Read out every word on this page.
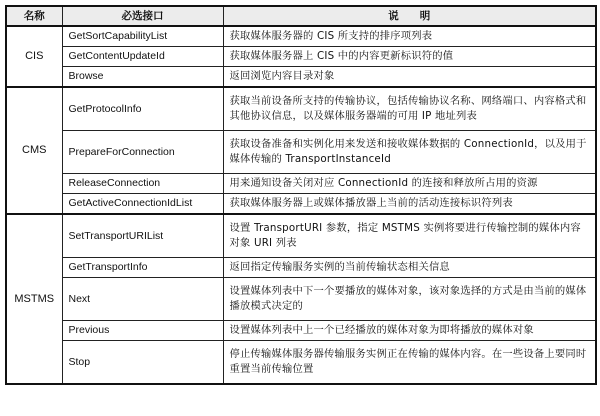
名称	必选接口	说　　明
CIS	GetSortCapabilityList	获取媒体服务器的 CIS 所支持的排序项列表
	GetContentUpdateId	获取媒体服务器上 CIS 中的内容更新标识符的值
	Browse	返回浏览内容目录对象
CMS	GetProtocolInfo	获取当前设备所支持的传输协议，包括传输协议名称、网络端口、内容格式和其他协议信息，以及媒体服务器端的可用 IP 地址列表
	PrepareForConnection	获取设备准备和实例化用来发送和接收媒体数据的 ConnectionId，以及用于媒体传输的 TransportInstanceId
	ReleaseConnection	用来通知设备关闭对应 ConnectionId 的连接和释放所占用的资源
	GetActiveConnectionIdList	获取媒体服务器上或媒体播放器上当前的活动连接标识符列表
MSTMS	SetTransportURIList	设置 TransportURI 参数，指定 MSTMS 实例将要进行传输控制的媒体内容对象 URI 列表
	GetTransportInfo	返回指定传输服务实例的当前传输状态相关信息
	Next	设置媒体列表中下一个要播放的媒体对象，该对象选择的方式是由当前的媒体播放模式决定的
	Previous	设置媒体列表中上一个已经播放的媒体对象为即将播放的媒体对象
	Stop	停止传输媒体服务器传输服务实例正在传输的媒体内容。在一些设备上要同时重置当前传输位置
